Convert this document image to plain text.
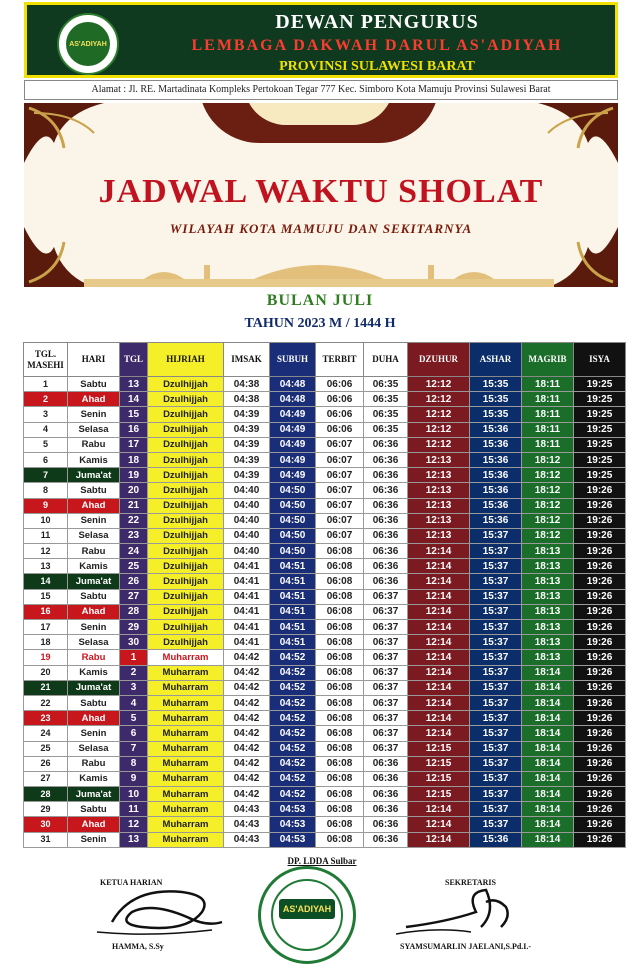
AS'ADIYAH
DEWAN PENGURUS
LEMBAGA DAKWAH DARUL AS'ADIYAH
PROVINSI SULAWESI BARAT
Alamat : Jl. RE. Martadinata Kompleks Pertokoan Tegar 777 Kec. Simboro Kota Mamuju Provinsi Sulawesi Barat
JADWAL WAKTU SHOLAT
WILAYAH KOTA MAMUJU DAN SEKITARNYA
BULAN JULI
TAHUN 2023 M / 1444 H
TGL. MASEHI	HARI	TGL	HIJRIAH	IMSAK	SUBUH	TERBIT	DUHA	DZUHUR	ASHAR	MAGRIB	ISYA
1	Sabtu	13	Dzulhijjah	04:38	04:48	06:06	06:35	12:12	15:35	18:11	19:25
2	Ahad	14	Dzulhijjah	04:38	04:48	06:06	06:35	12:12	15:35	18:11	19:25
3	Senin	15	Dzulhijjah	04:39	04:49	06:06	06:35	12:12	15:35	18:11	19:25
4	Selasa	16	Dzulhijjah	04:39	04:49	06:06	06:35	12:12	15:36	18:11	19:25
5	Rabu	17	Dzulhijjah	04:39	04:49	06:07	06:36	12:12	15:36	18:11	19:25
6	Kamis	18	Dzulhijjah	04:39	04:49	06:07	06:36	12:13	15:36	18:12	19:25
7	Juma'at	19	Dzulhijjah	04:39	04:49	06:07	06:36	12:13	15:36	18:12	19:25
8	Sabtu	20	Dzulhijjah	04:40	04:50	06:07	06:36	12:13	15:36	18:12	19:26
9	Ahad	21	Dzulhijjah	04:40	04:50	06:07	06:36	12:13	15:36	18:12	19:26
10	Senin	22	Dzulhijjah	04:40	04:50	06:07	06:36	12:13	15:36	18:12	19:26
11	Selasa	23	Dzulhijjah	04:40	04:50	06:07	06:36	12:13	15:37	18:12	19:26
12	Rabu	24	Dzulhijjah	04:40	04:50	06:08	06:36	12:14	15:37	18:13	19:26
13	Kamis	25	Dzulhijjah	04:41	04:51	06:08	06:36	12:14	15:37	18:13	19:26
14	Juma'at	26	Dzulhijjah	04:41	04:51	06:08	06:36	12:14	15:37	18:13	19:26
15	Sabtu	27	Dzulhijjah	04:41	04:51	06:08	06:37	12:14	15:37	18:13	19:26
16	Ahad	28	Dzulhijjah	04:41	04:51	06:08	06:37	12:14	15:37	18:13	19:26
17	Senin	29	Dzulhijjah	04:41	04:51	06:08	06:37	12:14	15:37	18:13	19:26
18	Selasa	30	Dzulhijjah	04:41	04:51	06:08	06:37	12:14	15:37	18:13	19:26
19	Rabu	1	Muharram	04:42	04:52	06:08	06:37	12:14	15:37	18:13	19:26
20	Kamis	2	Muharram	04:42	04:52	06:08	06:37	12:14	15:37	18:14	19:26
21	Juma'at	3	Muharram	04:42	04:52	06:08	06:37	12:14	15:37	18:14	19:26
22	Sabtu	4	Muharram	04:42	04:52	06:08	06:37	12:14	15:37	18:14	19:26
23	Ahad	5	Muharram	04:42	04:52	06:08	06:37	12:14	15:37	18:14	19:26
24	Senin	6	Muharram	04:42	04:52	06:08	06:37	12:14	15:37	18:14	19:26
25	Selasa	7	Muharram	04:42	04:52	06:08	06:37	12:15	15:37	18:14	19:26
26	Rabu	8	Muharram	04:42	04:52	06:08	06:36	12:15	15:37	18:14	19:26
27	Kamis	9	Muharram	04:42	04:52	06:08	06:36	12:15	15:37	18:14	19:26
28	Juma'at	10	Muharram	04:42	04:52	06:08	06:36	12:15	15:37	18:14	19:26
29	Sabtu	11	Muharram	04:43	04:53	06:08	06:36	12:14	15:37	18:14	19:26
30	Ahad	12	Muharram	04:43	04:53	06:08	06:36	12:14	15:37	18:14	19:26
31	Senin	13	Muharram	04:43	04:53	06:08	06:36	12:14	15:36	18:14	19:26
DP. LDDA Sulbar
KETUA HARIAN	SEKRETARIS
AS'ADIYAH
HAMMA, S.Sy	SYAMSUMARLIN JAELANI,S.Pd.I.-
